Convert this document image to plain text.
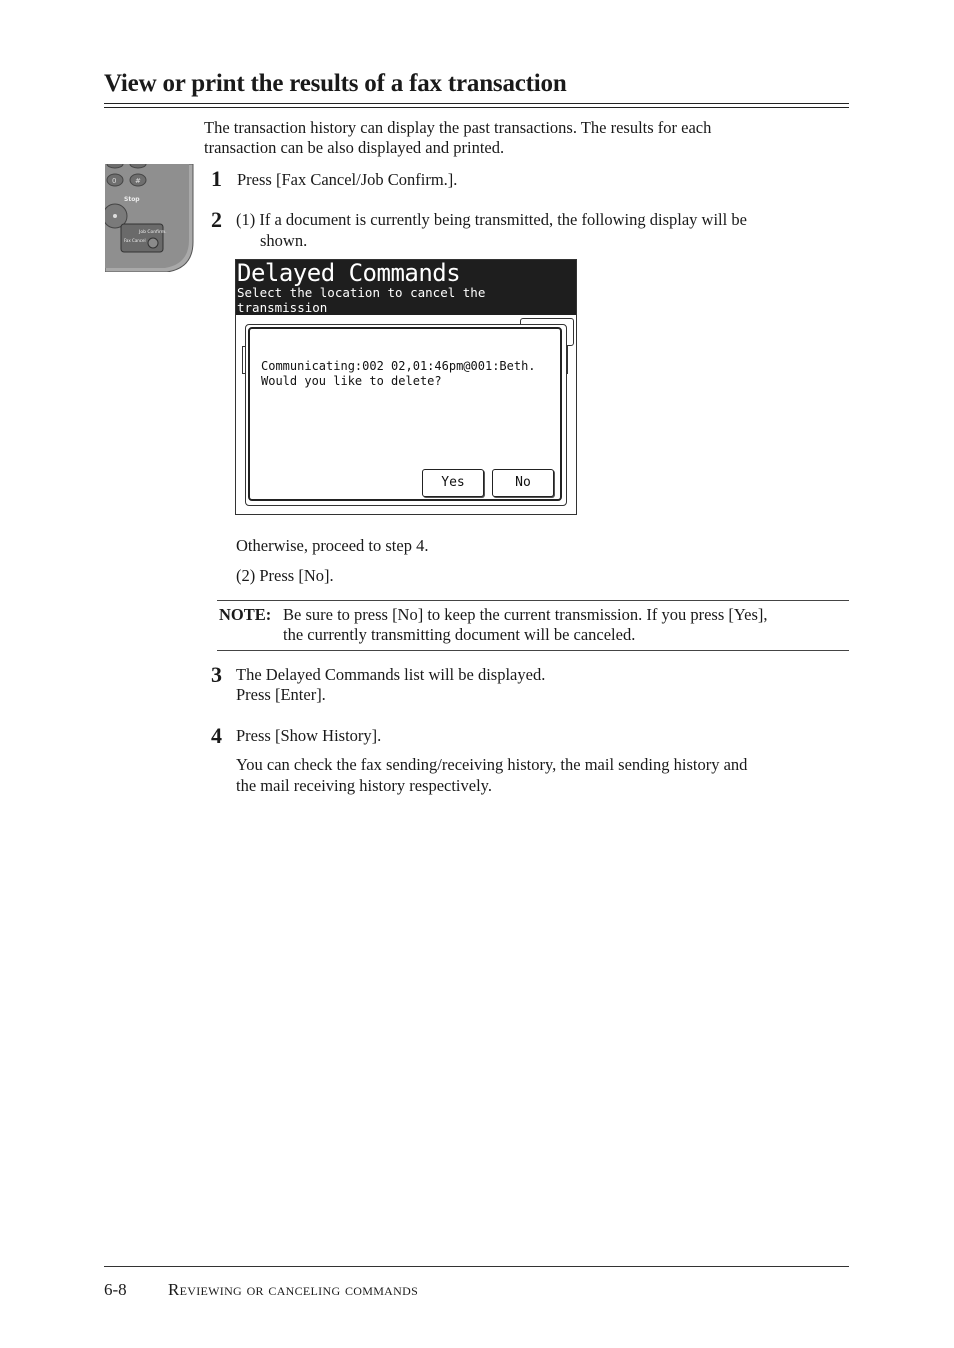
View or print the results of a fax transaction
The transaction history can display the past transactions. The results for each
transaction can be also displayed and printed.
0	#
Stop
Job Confirm.
Fax Cancel
1 Press [Fax Cancel/Job Confirm.].
2 (1) If a document is currently being transmitted, the following display will be
shown.
Delayed Commands
Select the location to cancel the
transmission
Communicating:002 02,01:46pm@001:Beth.
Would you like to delete?
Yes	No
Otherwise, proceed to step 4.
(2) Press [No].
NOTE: Be sure to press [No] to keep the current transmission. If you press [Yes],
the currently transmitting document will be canceled.
3 The Delayed Commands list will be displayed.
Press [Enter].
4 Press [Show History].
You can check the fax sending/receiving history, the mail sending history and
the mail receiving history respectively.
6-8 Reviewing or canceling commands
